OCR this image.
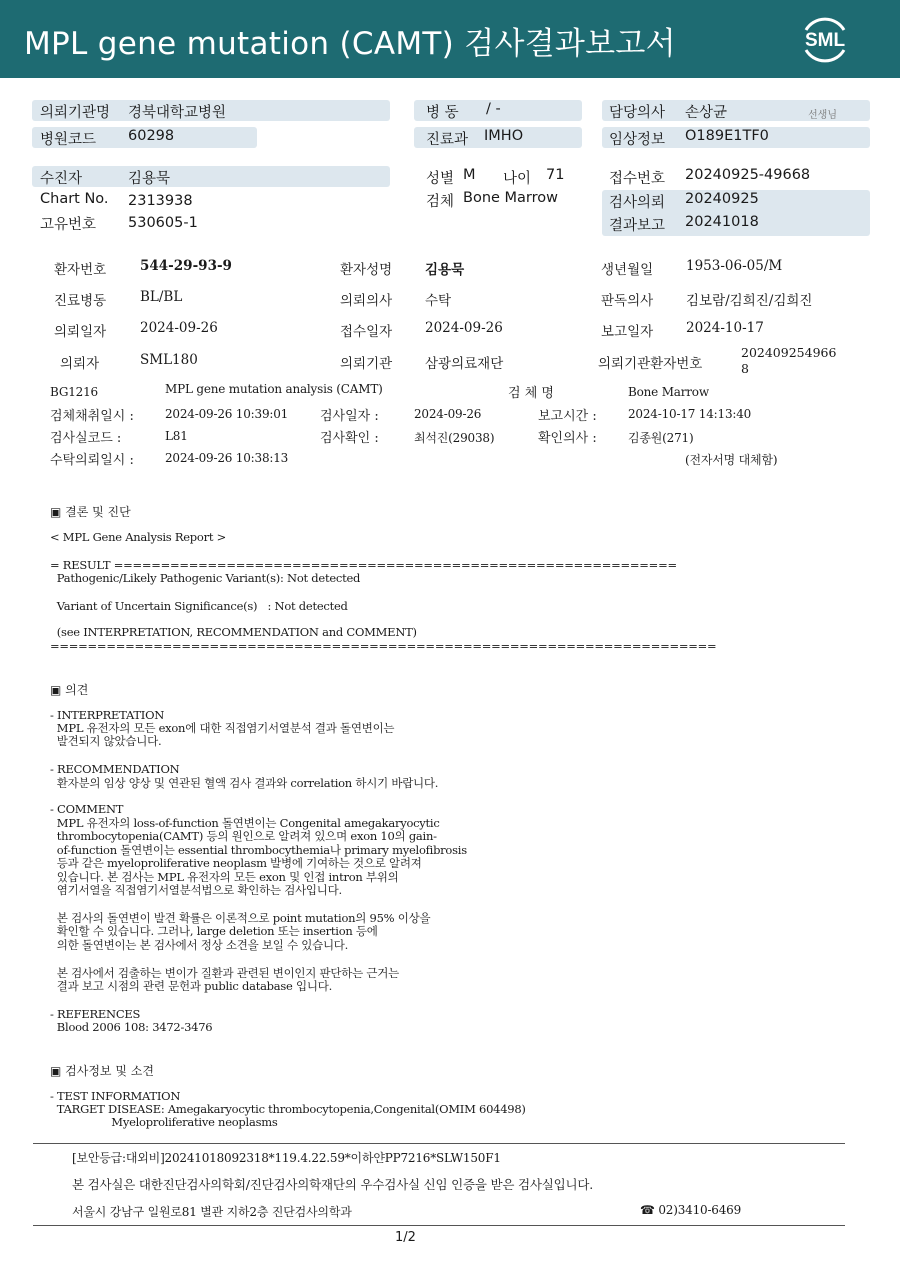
MPL gene mutation (CAMT) 검사결과보고서	SML
의뢰기관명 경북대학교병원
병원코드 60298
병 동 / -
진료과 IMHO
담당의사 손상균	선생님
임상정보 O189E1TF0
수진자	김용묵
Chart No. 2313938
고유번호 530605-1
성별 M 나이 71
검체 Bone Marrow
접수번호 20240925-49668
검사의뢰 20240925
결과보고 20241018
환자번호	544-29-93-9	환자성명 김용묵	생년월일 1953-06-05/M
진료병동	BL/BL	의뢰의사 수탁	판독의사 김보람/김희진/김희진
의뢰일자	2024-09-26	접수일자 2024-09-26	보고일자 2024-10-17
의뢰자	SML180	의뢰기관 삼광의료재단	의뢰기관환자번호
202409254966
8
BG1216	MPL gene mutation analysis (CAMT)	검 체 명	Bone Marrow
검체채취일시 :	2024-09-26 10:39:01 검사일자 :	2024-09-26	보고시간 :	2024-10-17 14:13:40
검사실코드 :	L81	검사확인 :	최석진(29038)	확인의사 :	김종원(271)
수탁의뢰일시 :	2024-09-26 10:38:13	(전자서명 대체함)
▣ 결론 및 진단
< MPL Gene Analysis Report >
= RESULT ============================================================
Pathogenic/Likely Pathogenic Variant(s): Not detected
Variant of Uncertain Significance(s)   : Not detected
(see INTERPRETATION, RECOMMENDATION and COMMENT)
=======================================================================
▣ 의견
- INTERPRETATION
MPL 유전자의 모든 exon에 대한 직접염기서열분석 결과 돌연변이는
발견되지 않았습니다.
- RECOMMENDATION
환자분의 임상 양상 및 연관된 혈액 검사 결과와 correlation 하시기 바랍니다.
- COMMENT
MPL 유전자의 loss-of-function 돌연변이는 Congenital amegakaryocytic
thrombocytopenia(CAMT) 등의 원인으로 알려져 있으며 exon 10의 gain-
of-function 돌연변이는 essential thrombocythemia나 primary myelofibrosis
등과 같은 myeloproliferative neoplasm 발병에 기여하는 것으로 알려져
있습니다. 본 검사는 MPL 유전자의 모든 exon 및 인접 intron 부위의
염기서열을 직접염기서열분석법으로 확인하는 검사입니다.
본 검사의 돌연변이 발견 확률은 이론적으로 point mutation의 95% 이상을
확인할 수 있습니다. 그러나, large deletion 또는 insertion 등에
의한 돌연변이는 본 검사에서 정상 소견을 보일 수 있습니다.
본 검사에서 검출하는 변이가 질환과 관련된 변이인지 판단하는 근거는
결과 보고 시점의 관련 문헌과 public database 입니다.
- REFERENCES
Blood 2006 108: 3472-3476
▣ 검사정보 및 소견
- TEST INFORMATION
TARGET DISEASE: Amegakaryocytic thrombocytopenia,Congenital(OMIM 604498)
Myeloproliferative neoplasms
[보안등급:대외비]20241018092318*119.4.22.59*이하얀PP7216*SLW150F1
본 검사실은 대한진단검사의학회/진단검사의학재단의 우수검사실 신임 인증을 받은 검사실입니다.
서울시 강남구 일원로81 별관 지하2층 진단검사의학과	☎ 02)3410-6469
1/2
